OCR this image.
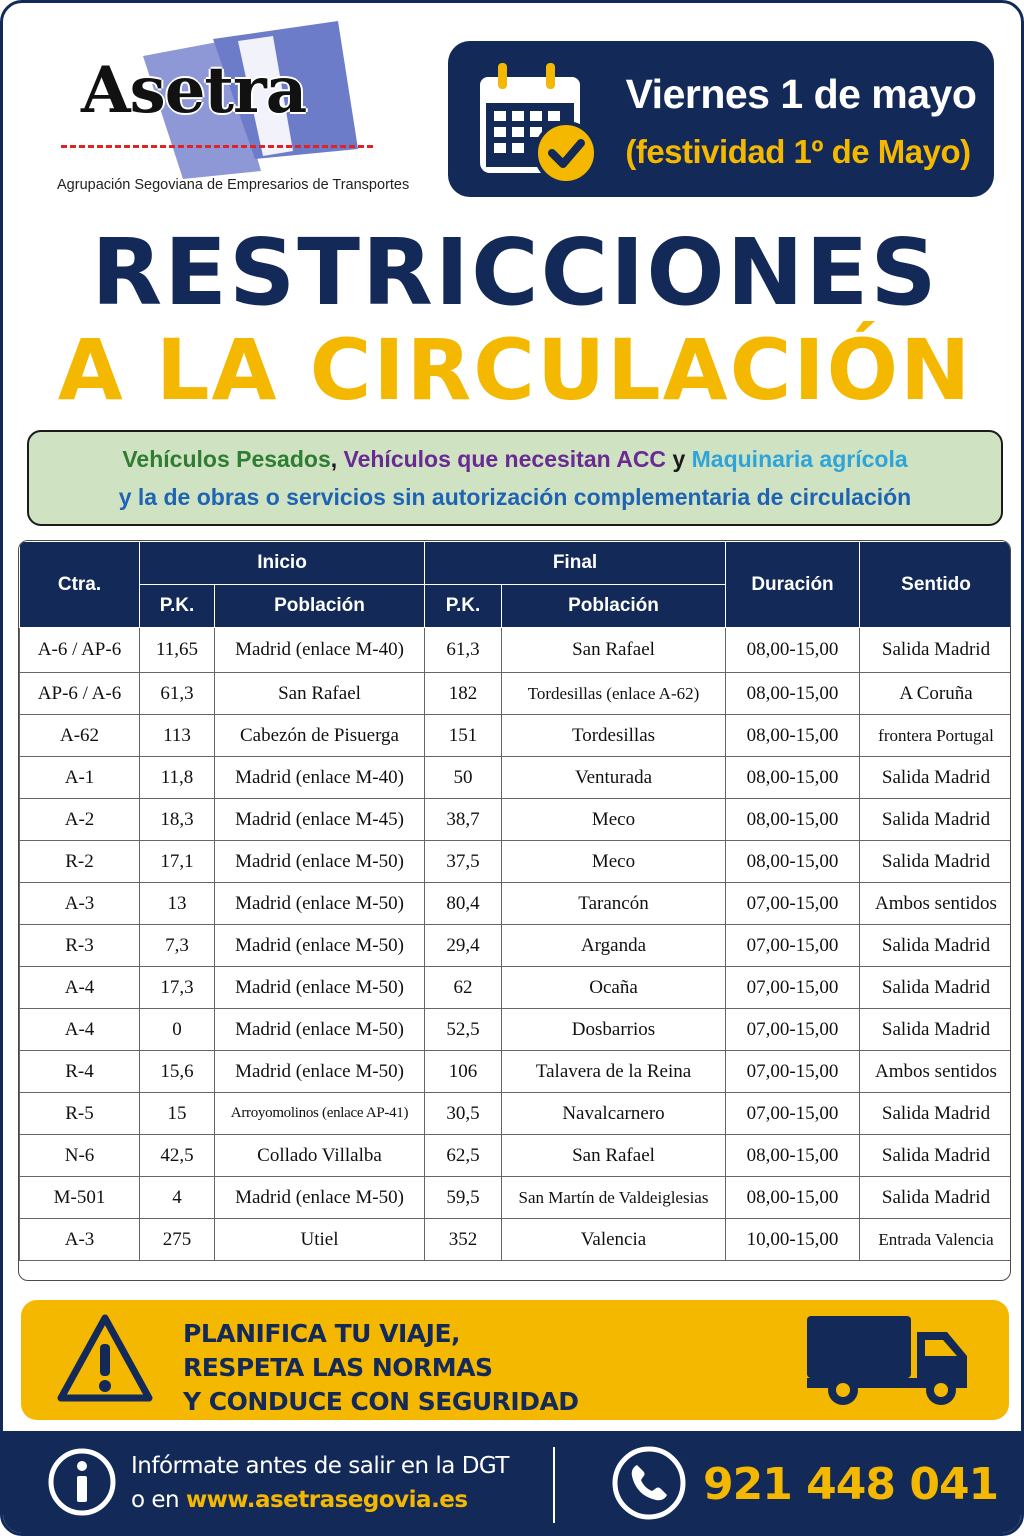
Asetra
Agrupación Segoviana de Empresarios de Transportes
Viernes 1 de mayo
(festividad 1º de Mayo)
RESTRICCIONES
A LA CIRCULACIÓN
Vehículos Pesados, Vehículos que necesitan ACC y Maquinaria agrícola
y la de obras o servicios sin autorización complementaria de circulación
Ctra.	Inicio		Final		Duración	Sentido
	P.K.	Población	P.K.	Población		
A-6 / AP-6	11,65	Madrid (enlace M-40)	61,3	San Rafael	08,00-15,00	Salida Madrid
AP-6 / A-6	61,3	San Rafael	182	Tordesillas (enlace A-62)	08,00-15,00	A Coruña
A-62	113	Cabezón de Pisuerga	151	Tordesillas	08,00-15,00	frontera Portugal
A-1	11,8	Madrid (enlace M-40)	50	Venturada	08,00-15,00	Salida Madrid
A-2	18,3	Madrid (enlace M-45)	38,7	Meco	08,00-15,00	Salida Madrid
R-2	17,1	Madrid (enlace M-50)	37,5	Meco	08,00-15,00	Salida Madrid
A-3	13	Madrid (enlace M-50)	80,4	Tarancón	07,00-15,00	Ambos sentidos
R-3	7,3	Madrid (enlace M-50)	29,4	Arganda	07,00-15,00	Salida Madrid
A-4	17,3	Madrid (enlace M-50)	62	Ocaña	07,00-15,00	Salida Madrid
A-4	0	Madrid (enlace M-50)	52,5	Dosbarrios	07,00-15,00	Salida Madrid
R-4	15,6	Madrid (enlace M-50)	106	Talavera de la Reina	07,00-15,00	Ambos sentidos
R-5	15	Arroyomolinos (enlace AP-41)	30,5	Navalcarnero	07,00-15,00	Salida Madrid
N-6	42,5	Collado Villalba	62,5	San Rafael	08,00-15,00	Salida Madrid
M-501	4	Madrid (enlace M-50)	59,5	San Martín de Valdeiglesias	08,00-15,00	Salida Madrid
A-3	275	Utiel	352	Valencia	10,00-15,00	Entrada Valencia
PLANIFICA TU VIAJE,
RESPETA LAS NORMAS
Y CONDUCE CON SEGURIDAD
Infórmate antes de salir en la DGT
o en www.asetrasegovia.es	921 448 041
